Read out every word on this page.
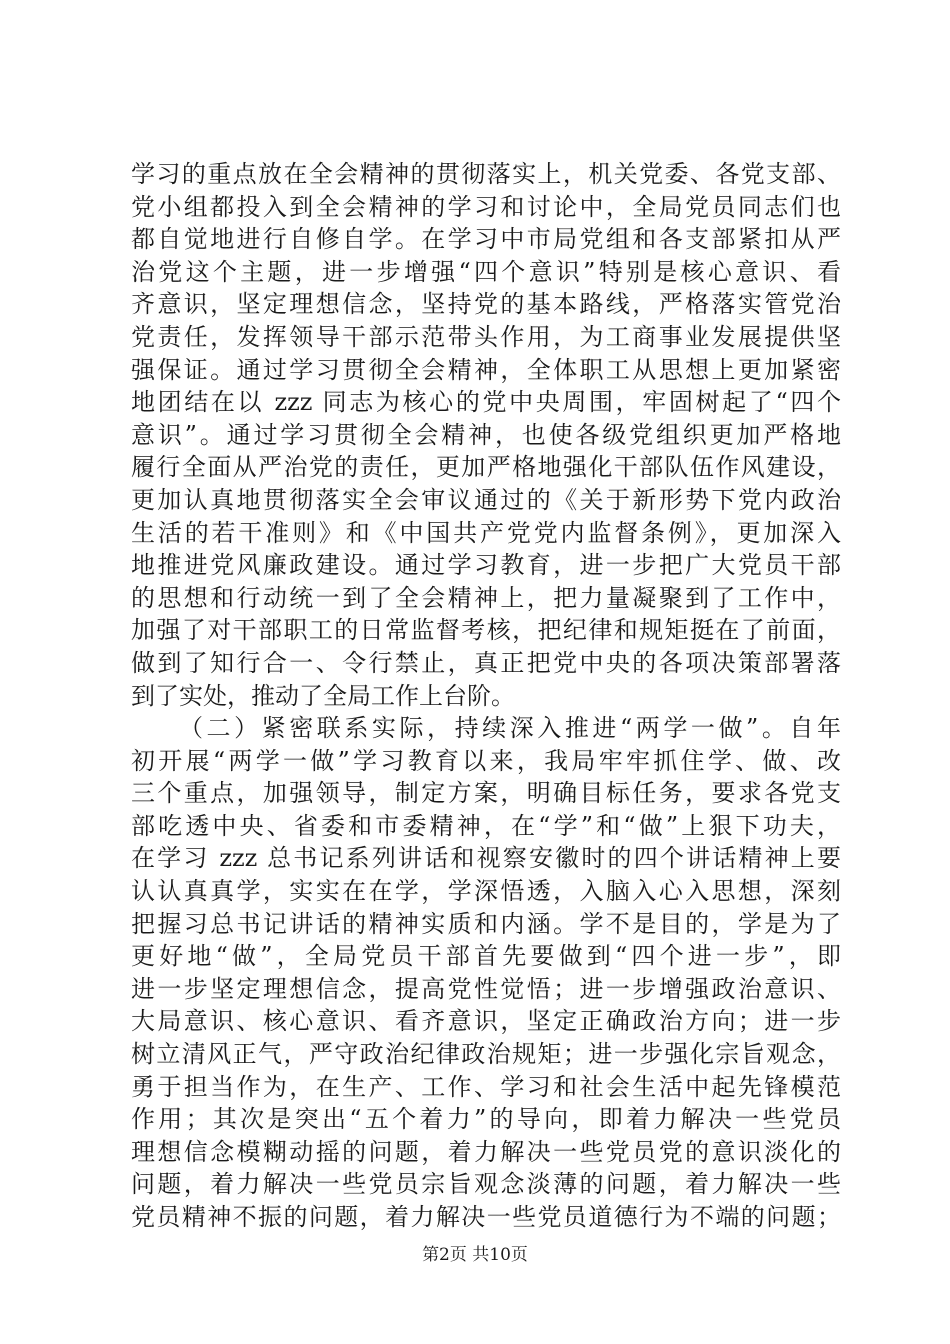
学习的重点放在全会精神的贯彻落实上，机关党委、各党支部、
党小组都投入到全会精神的学习和讨论中，全局党员同志们也
都自觉地进行自修自学。在学习中市局党组和各支部紧扣从严
治党这个主题，进一步增强“四个意识”特别是核心意识、看
齐意识，坚定理想信念，坚持党的基本路线，严格落实管党治
党责任，发挥领导干部示范带头作用，为工商事业发展提供坚
强保证。通过学习贯彻全会精神，全体职工从思想上更加紧密
地团结在以 zzz 同志为核心的党中央周围，牢固树起了“四个
意识”。通过学习贯彻全会精神，也使各级党组织更加严格地
履行全面从严治党的责任，更加严格地强化干部队伍作风建设，
更加认真地贯彻落实全会审议通过的《关于新形势下党内政治
生活的若干准则》和《中国共产党党内监督条例》，更加深入
地推进党风廉政建设。通过学习教育，进一步把广大党员干部
的思想和行动统一到了全会精神上，把力量凝聚到了工作中，
加强了对干部职工的日常监督考核，把纪律和规矩挺在了前面，
做到了知行合一、令行禁止，真正把党中央的各项决策部署落
到了实处，推动了全局工作上台阶。
（二）紧密联系实际，持续深入推进“两学一做”。自年
初开展“两学一做”学习教育以来，我局牢牢抓住学、做、改
三个重点，加强领导，制定方案，明确目标任务，要求各党支
部吃透中央、省委和市委精神，在“学”和“做”上狠下功夫，
在学习 zzz 总书记系列讲话和视察安徽时的四个讲话精神上要
认认真真学，实实在在学，学深悟透，入脑入心入思想，深刻
把握习总书记讲话的精神实质和内涵。学不是目的，学是为了
更好地“做”，全局党员干部首先要做到“四个进一步”，即
进一步坚定理想信念，提高党性觉悟；进一步增强政治意识、
大局意识、核心意识、看齐意识，坚定正确政治方向；进一步
树立清风正气，严守政治纪律政治规矩；进一步强化宗旨观念，
勇于担当作为，在生产、工作、学习和社会生活中起先锋模范
作用；其次是突出“五个着力”的导向，即着力解决一些党员
理想信念模糊动摇的问题，着力解决一些党员党的意识淡化的
问题，着力解决一些党员宗旨观念淡薄的问题，着力解决一些
党员精神不振的问题，着力解决一些党员道德行为不端的问题；
第2页 共10页
